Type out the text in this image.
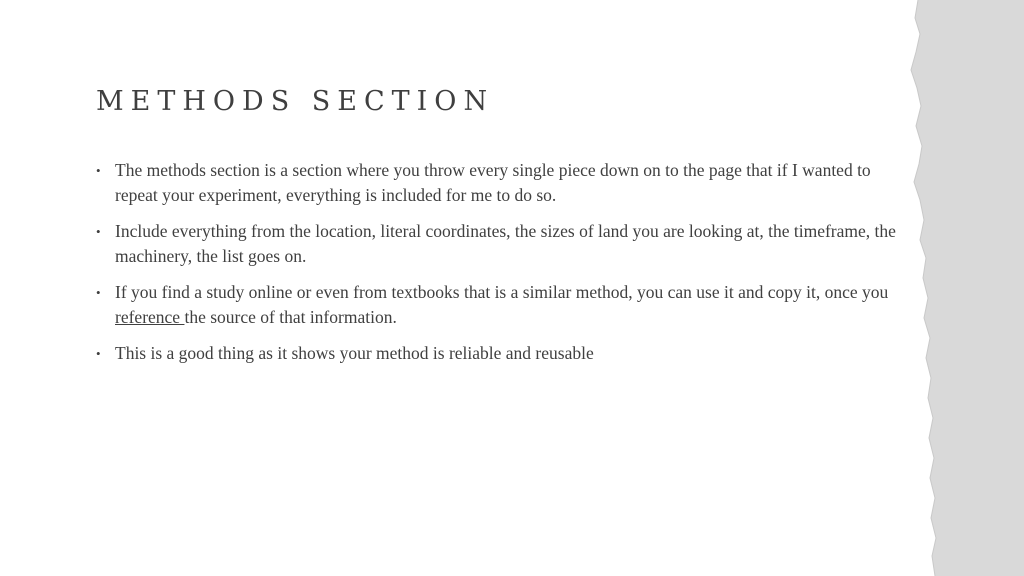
METHODS SECTION
• The methods section is a section where you throw every single piece down on to the page that if I wanted to repeat your experiment, everything is included for me to do so.
• Include everything from the location, literal coordinates, the sizes of land you are looking at, the timeframe, the machinery, the list goes on.
• If you find a study online or even from textbooks that is a similar method, you can use it and copy it, once you reference the source of that information.
• This is a good thing as it shows your method is reliable and reusable
